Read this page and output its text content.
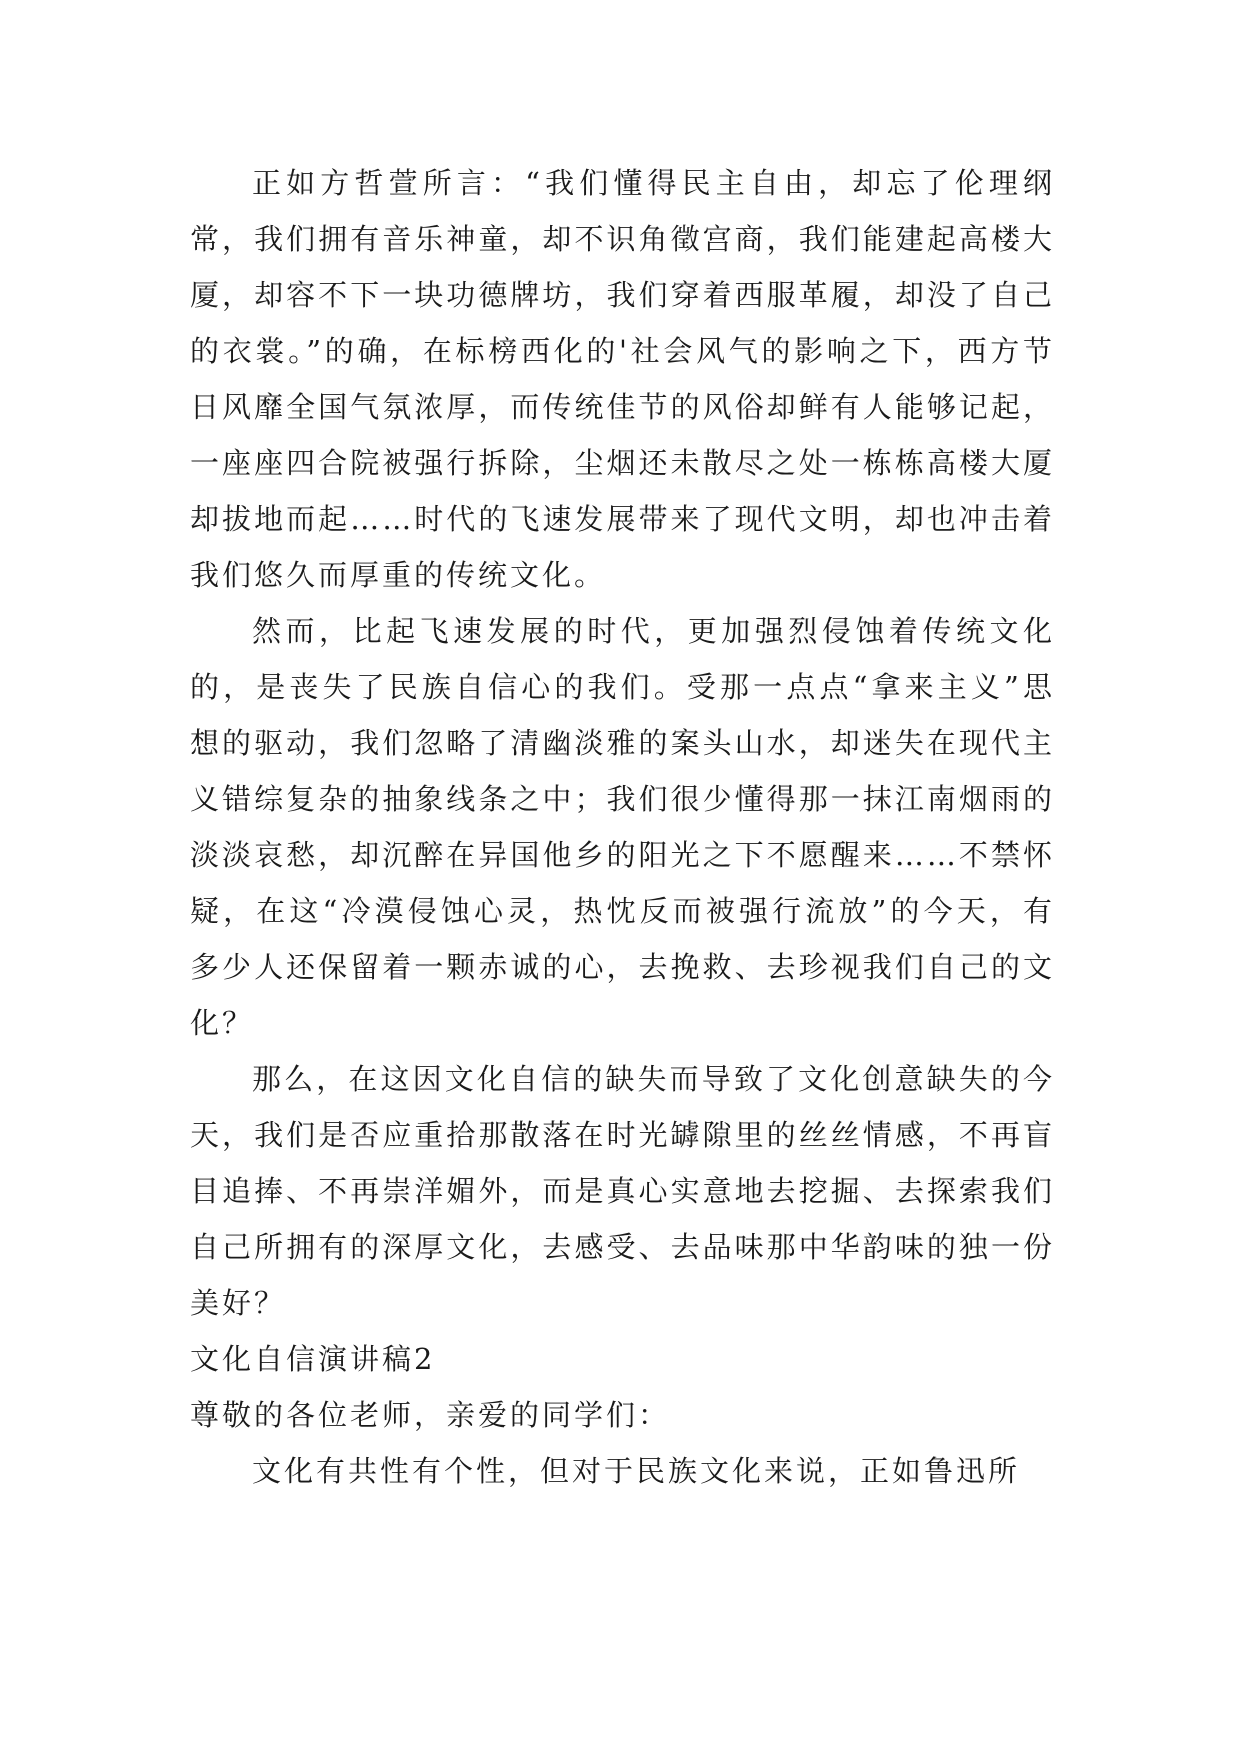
正如方哲萱所言：“我们懂得民主自由，却忘了伦理纲常，我们拥有音乐神童，却不识角徵宫商，我们能建起高楼大厦，却容不下一块功德牌坊，我们穿着西服革履，却没了自己的衣裳。”的确，在标榜西化的'社会风气的影响之下，西方节日风靡全国气氛浓厚，而传统佳节的风俗却鲜有人能够记起，一座座四合院被强行拆除，尘烟还未散尽之处一栋栋高楼大厦却拔地而起……时代的飞速发展带来了现代文明，却也冲击着我们悠久而厚重的传统文化。

然而，比起飞速发展的时代，更加强烈侵蚀着传统文化的，是丧失了民族自信心的我们。受那一点点“拿来主义”思想的驱动，我们忽略了清幽淡雅的案头山水，却迷失在现代主义错综复杂的抽象线条之中；我们很少懂得那一抹江南烟雨的淡淡哀愁，却沉醉在异国他乡的阳光之下不愿醒来……不禁怀疑，在这“冷漠侵蚀心灵，热忱反而被强行流放”的今天，有多少人还保留着一颗赤诚的心，去挽救、去珍视我们自己的文化？

那么，在这因文化自信的缺失而导致了文化创意缺失的今天，我们是否应重拾那散落在时光罅隙里的丝丝情感，不再盲目追捧、不再崇洋媚外，而是真心实意地去挖掘、去探索我们自己所拥有的深厚文化，去感受、去品味那中华韵味的独一份美好？

文化自信演讲稿2

尊敬的各位老师，亲爱的同学们：

文化有共性有个性，但对于民族文化来说，正如鲁迅所
